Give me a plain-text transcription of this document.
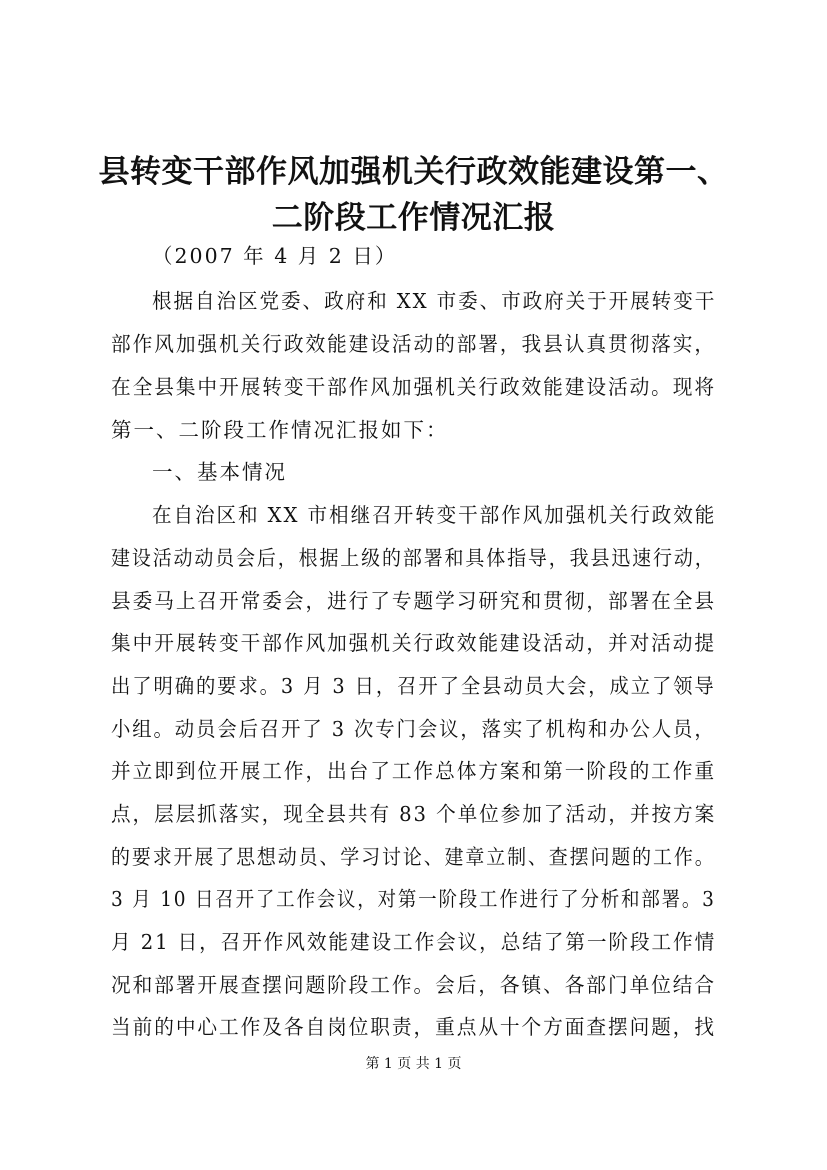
县转变干部作风加强机关行政效能建设第一、
二阶段工作情况汇报
（2007 年 4 月 2 日）
根据自治区党委、政府和 XX 市委、市政府关于开展转变干
部作风加强机关行政效能建设活动的部署，我县认真贯彻落实，
在全县集中开展转变干部作风加强机关行政效能建设活动。现将
第一、二阶段工作情况汇报如下：
一、基本情况
在自治区和 XX 市相继召开转变干部作风加强机关行政效能
建设活动动员会后，根据上级的部署和具体指导，我县迅速行动，
县委马上召开常委会，进行了专题学习研究和贯彻，部署在全县
集中开展转变干部作风加强机关行政效能建设活动，并对活动提
出了明确的要求。3 月 3 日，召开了全县动员大会，成立了领导
小组。动员会后召开了 3 次专门会议，落实了机构和办公人员，
并立即到位开展工作，出台了工作总体方案和第一阶段的工作重
点，层层抓落实，现全县共有 83 个单位参加了活动，并按方案
的要求开展了思想动员、学习讨论、建章立制、查摆问题的工作。
3 月 10 日召开了工作会议，对第一阶段工作进行了分析和部署。3
月 21 日，召开作风效能建设工作会议，总结了第一阶段工作情
况和部署开展查摆问题阶段工作。会后，各镇、各部门单位结合
当前的中心工作及各自岗位职责，重点从十个方面查摆问题，找
第 1 页 共 1 页
